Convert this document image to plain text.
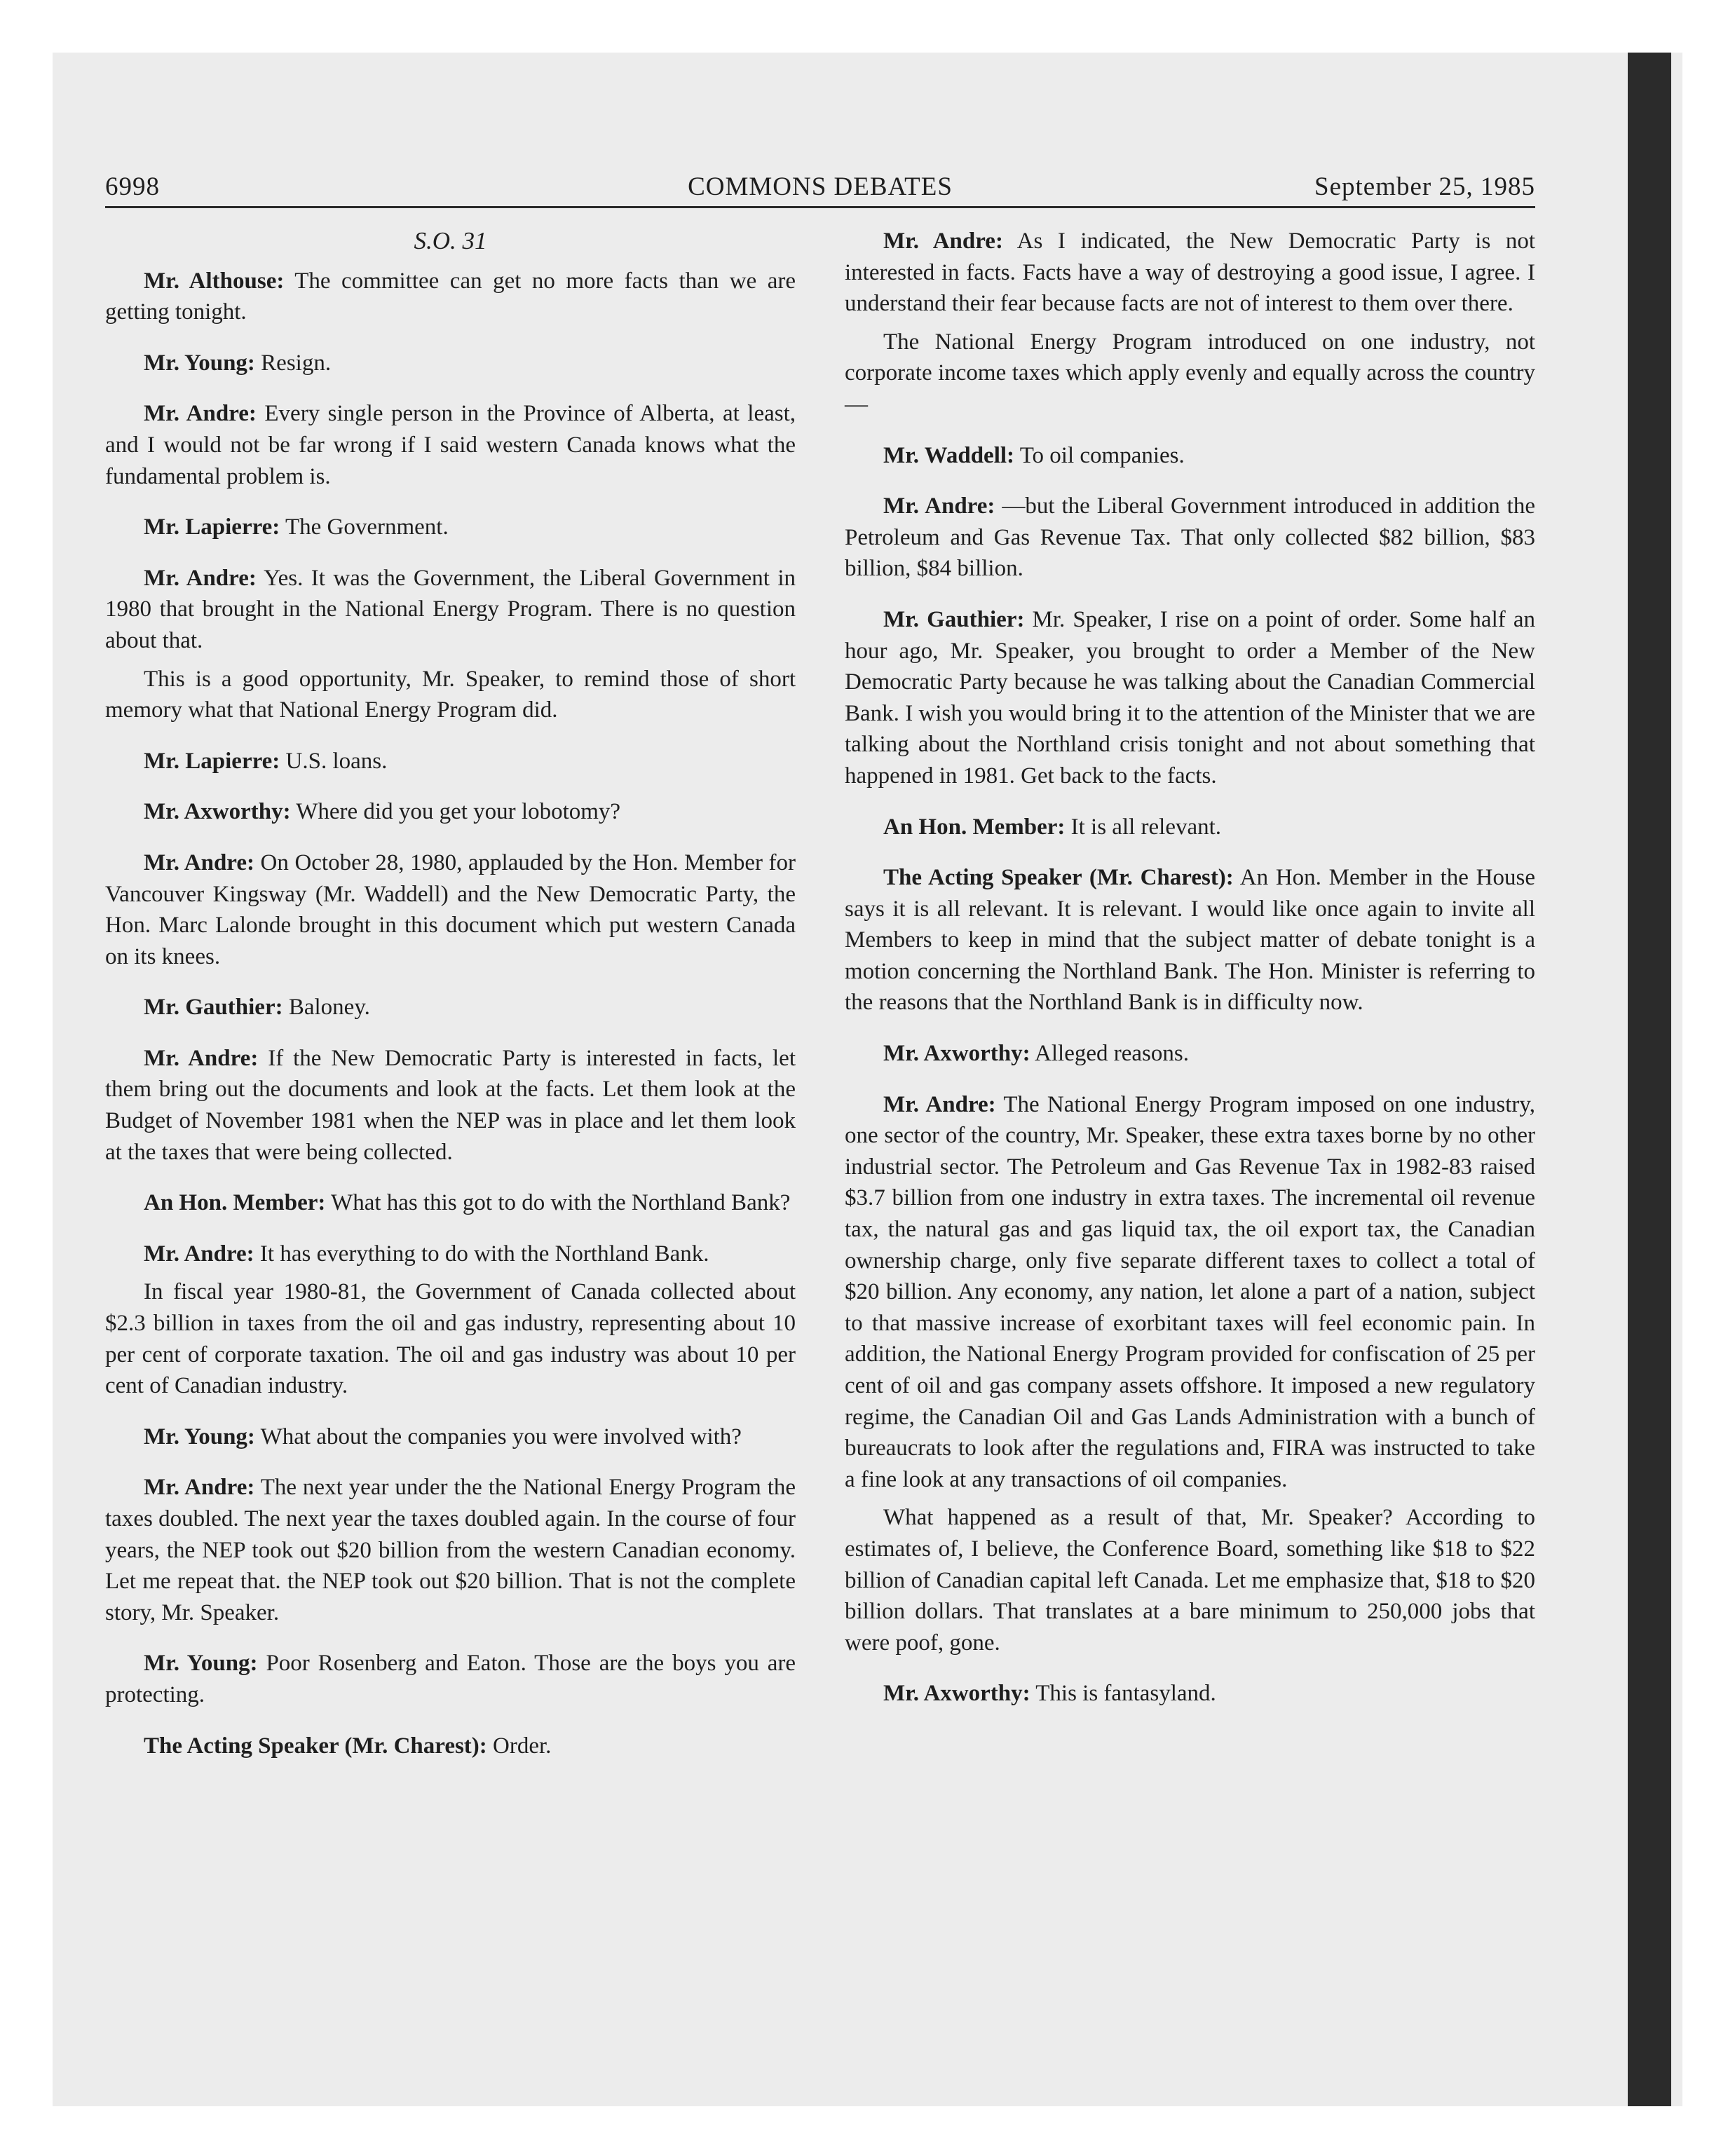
6998	COMMONS DEBATES	September 25, 1985
S.O. 31

Mr. Althouse: The committee can get no more facts than we are getting tonight.

Mr. Young: Resign.

Mr. Andre: Every single person in the Province of Alberta, at least, and I would not be far wrong if I said western Canada knows what the fundamental problem is.

Mr. Lapierre: The Government.

Mr. Andre: Yes. It was the Government, the Liberal Government in 1980 that brought in the National Energy Program. There is no question about that.

This is a good opportunity, Mr. Speaker, to remind those of short memory what that National Energy Program did.

Mr. Lapierre: U.S. loans.

Mr. Axworthy: Where did you get your lobotomy?

Mr. Andre: On October 28, 1980, applauded by the Hon. Member for Vancouver Kingsway (Mr. Waddell) and the New Democratic Party, the Hon. Marc Lalonde brought in this document which put western Canada on its knees.

Mr. Gauthier: Baloney.

Mr. Andre: If the New Democratic Party is interested in facts, let them bring out the documents and look at the facts. Let them look at the Budget of November 1981 when the NEP was in place and let them look at the taxes that were being collected.

An Hon. Member: What has this got to do with the Northland Bank?

Mr. Andre: It has everything to do with the Northland Bank.

In fiscal year 1980-81, the Government of Canada collected about $2.3 billion in taxes from the oil and gas industry, representing about 10 per cent of corporate taxation. The oil and gas industry was about 10 per cent of Canadian industry.

Mr. Young: What about the companies you were involved with?

Mr. Andre: The next year under the the National Energy Program the taxes doubled. The next year the taxes doubled again. In the course of four years, the NEP took out $20 billion from the western Canadian economy. Let me repeat that. the NEP took out $20 billion. That is not the complete story, Mr. Speaker.

Mr. Young: Poor Rosenberg and Eaton. Those are the boys you are protecting.

The Acting Speaker (Mr. Charest): Order.

Mr. Andre: As I indicated, the New Democratic Party is not interested in facts. Facts have a way of destroying a good issue, I agree. I understand their fear because facts are not of interest to them over there.

The National Energy Program introduced on one industry, not corporate income taxes which apply evenly and equally across the country—

Mr. Waddell: To oil companies.

Mr. Andre: —but the Liberal Government introduced in addition the Petroleum and Gas Revenue Tax. That only collected $82 billion, $83 billion, $84 billion.

Mr. Gauthier: Mr. Speaker, I rise on a point of order. Some half an hour ago, Mr. Speaker, you brought to order a Member of the New Democratic Party because he was talking about the Canadian Commercial Bank. I wish you would bring it to the attention of the Minister that we are talking about the Northland crisis tonight and not about something that happened in 1981. Get back to the facts.

An Hon. Member: It is all relevant.

The Acting Speaker (Mr. Charest): An Hon. Member in the House says it is all relevant. It is relevant. I would like once again to invite all Members to keep in mind that the subject matter of debate tonight is a motion concerning the Northland Bank. The Hon. Minister is referring to the reasons that the Northland Bank is in difficulty now.

Mr. Axworthy: Alleged reasons.

Mr. Andre: The National Energy Program imposed on one industry, one sector of the country, Mr. Speaker, these extra taxes borne by no other industrial sector. The Petroleum and Gas Revenue Tax in 1982-83 raised $3.7 billion from one industry in extra taxes. The incremental oil revenue tax, the natural gas and gas liquid tax, the oil export tax, the Canadian ownership charge, only five separate different taxes to collect a total of $20 billion. Any economy, any nation, let alone a part of a nation, subject to that massive increase of exorbitant taxes will feel economic pain. In addition, the National Energy Program provided for confiscation of 25 per cent of oil and gas company assets offshore. It imposed a new regulatory regime, the Canadian Oil and Gas Lands Administration with a bunch of bureaucrats to look after the regulations and, FIRA was instructed to take a fine look at any transactions of oil companies.

What happened as a result of that, Mr. Speaker? According to estimates of, I believe, the Conference Board, something like $18 to $22 billion of Canadian capital left Canada. Let me emphasize that, $18 to $20 billion dollars. That translates at a bare minimum to 250,000 jobs that were poof, gone.

Mr. Axworthy: This is fantasyland.
